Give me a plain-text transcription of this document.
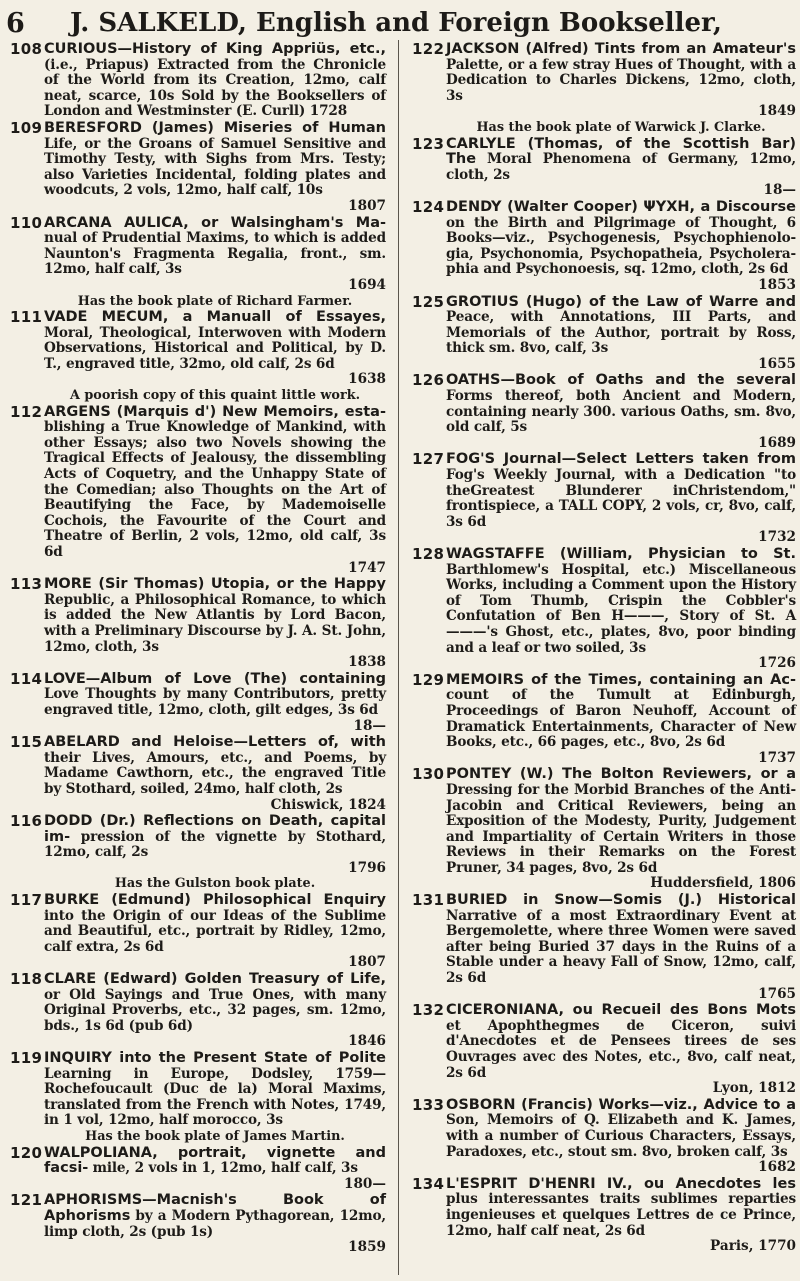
6 J. SALKELD, English and Foreign Bookseller,
108 CURIOUS—History of King Appriüs, etc., (i.e., Priapus) Extracted from the Chronicle of the World from its Creation, 12mo, calf neat, scarce, 10s Sold by the Booksellers of London and Westminster (E. Curll) 1728
109 BERESFORD (James) Miseries of Human Life, or the Groans of Samuel Sensitive and Timothy Testy, with Sighs from Mrs. Testy; also Varieties Incidental, folding plates and woodcuts, 2 vols, 12mo, half calf, 10s
1807
110 ARCANA AULICA, or Walsingham's Ma- nual of Prudential Maxims, to which is added Naunton's Fragmenta Regalia, front., sm. 12mo, half calf, 3s
1694
Has the book plate of Richard Farmer.
111 VADE MECUM, a Manuall of Essayes, Moral, Theological, Interwoven with Modern Observations, Historical and Political, by D. T., engraved title, 32mo, old calf, 2s 6d
1638
A poorish copy of this quaint little work.
112 ARGENS (Marquis d') New Memoirs, esta- blishing a True Knowledge of Mankind, with other Essays; also two Novels showing the Tragical Effects of Jealousy, the dissembling Acts of Coquetry, and the Unhappy State of the Comedian; also Thoughts on the Art of Beautifying the Face, by Mademoiselle Cochois, the Favourite of the Court and Theatre of Berlin, 2 vols, 12mo, old calf, 3s 6d
1747
113 MORE (Sir Thomas) Utopia, or the Happy Republic, a Philosophical Romance, to which is added the New Atlantis by Lord Bacon, with a Preliminary Discourse by J. A. St. John, 12mo, cloth, 3s
1838
114 LOVE—Album of Love (The) containing Love Thoughts by many Contributors, pretty engraved title, 12mo, cloth, gilt edges, 3s 6d
18—
115 ABELARD and Heloise—Letters of, with their Lives, Amours, etc., and Poems, by Madame Cawthorn, etc., the engraved Title by Stothard, soiled, 24mo, half cloth, 2s
Chiswick, 1824
116 DODD (Dr.) Reflections on Death, capital im- pression of the vignette by Stothard, 12mo, calf, 2s
1796
Has the Gulston book plate.
117 BURKE (Edmund) Philosophical Enquiry into the Origin of our Ideas of the Sublime and Beautiful, etc., portrait by Ridley, 12mo, calf extra, 2s 6d
1807
118 CLARE (Edward) Golden Treasury of Life, or Old Sayings and True Ones, with many Original Proverbs, etc., 32 pages, sm. 12mo, bds., 1s 6d (pub 6d)
1846
119 INQUIRY into the Present State of Polite Learning in Europe, Dodsley, 1759—Rochefoucault (Duc de la) Moral Maxims, translated from the French with Notes, 1749, in 1 vol, 12mo, half morocco, 3s
Has the book plate of James Martin.
120 WALPOLIANA, portrait, vignette and facsi- mile, 2 vols in 1, 12mo, half calf, 3s
180—
121 APHORISMS—Macnish's Book of Aphorisms by a Modern Pythagorean, 12mo, limp cloth, 2s (pub 1s)
1859
122 JACKSON (Alfred) Tints from an Amateur's Palette, or a few stray Hues of Thought, with a Dedication to Charles Dickens, 12mo, cloth, 3s
1849
Has the book plate of Warwick J. Clarke.
123 CARLYLE (Thomas, of the Scottish Bar) The Moral Phenomena of Germany, 12mo, cloth, 2s
18—
124 DENDY (Walter Cooper) ΨΥΧΗ, a Discourse on the Birth and Pilgrimage of Thought, 6 Books—viz., Psychogenesis, Psychophienolo-gia, Psychonomia, Psychopatheia, Psycholera-phia and Psychonoesis, sq. 12mo, cloth, 2s 6d
1853
125 GROTIUS (Hugo) of the Law of Warre and Peace, with Annotations, III Parts, and Memorials of the Author, portrait by Ross, thick sm. 8vo, calf, 3s
1655
126 OATHS—Book of Oaths and the several Forms thereof, both Ancient and Modern, containing nearly 300. various Oaths, sm. 8vo, old calf, 5s
1689
127 FOG'S Journal—Select Letters taken from Fog's Weekly Journal, with a Dedication "to theGreatest Blunderer inChristendom," frontispiece, a TALL COPY, 2 vols, cr, 8vo, calf, 3s 6d
1732
128 WAGSTAFFE (William, Physician to St. Barthlomew's Hospital, etc.) Miscellaneous Works, including a Comment upon the History of Tom Thumb, Crispin the Cobbler's Confutation of Ben H———, Story of St. A———'s Ghost, etc., plates, 8vo, poor binding and a leaf or two soiled, 3s
1726
129 MEMOIRS of the Times, containing an Ac- count of the Tumult at Edinburgh, Proceedings of Baron Neuhoff, Account of Dramatick Entertainments, Character of New Books, etc., 66 pages, etc., 8vo, 2s 6d
1737
130 PONTEY (W.) The Bolton Reviewers, or a Dressing for the Morbid Branches of the Anti-Jacobin and Critical Reviewers, being an Exposition of the Modesty, Purity, Judgement and Impartiality of Certain Writers in those Reviews in their Remarks on the Forest Pruner, 34 pages, 8vo, 2s 6d
Huddersfield, 1806
131 BURIED in Snow—Somis (J.) Historical Narrative of a most Extraordinary Event at Bergemolette, where three Women were saved after being Buried 37 days in the Ruins of a Stable under a heavy Fall of Snow, 12mo, calf, 2s 6d
1765
132 CICERONIANA, ou Recueil des Bons Mots et Apophthegmes de Ciceron, suivi d'Anecdotes et de Pensees tirees de ses Ouvrages avec des Notes, etc., 8vo, calf neat, 2s 6d
Lyon, 1812
133 OSBORN (Francis) Works—viz., Advice to a Son, Memoirs of Q. Elizabeth and K. James, with a number of Curious Characters, Essays, Paradoxes, etc., stout sm. 8vo, broken calf, 3s
1682
134 L'ESPRIT D'HENRI IV., ou Anecdotes les plus interessantes traits sublimes reparties ingenieuses et quelques Lettres de ce Prince, 12mo, half calf neat, 2s 6d
Paris, 1770
